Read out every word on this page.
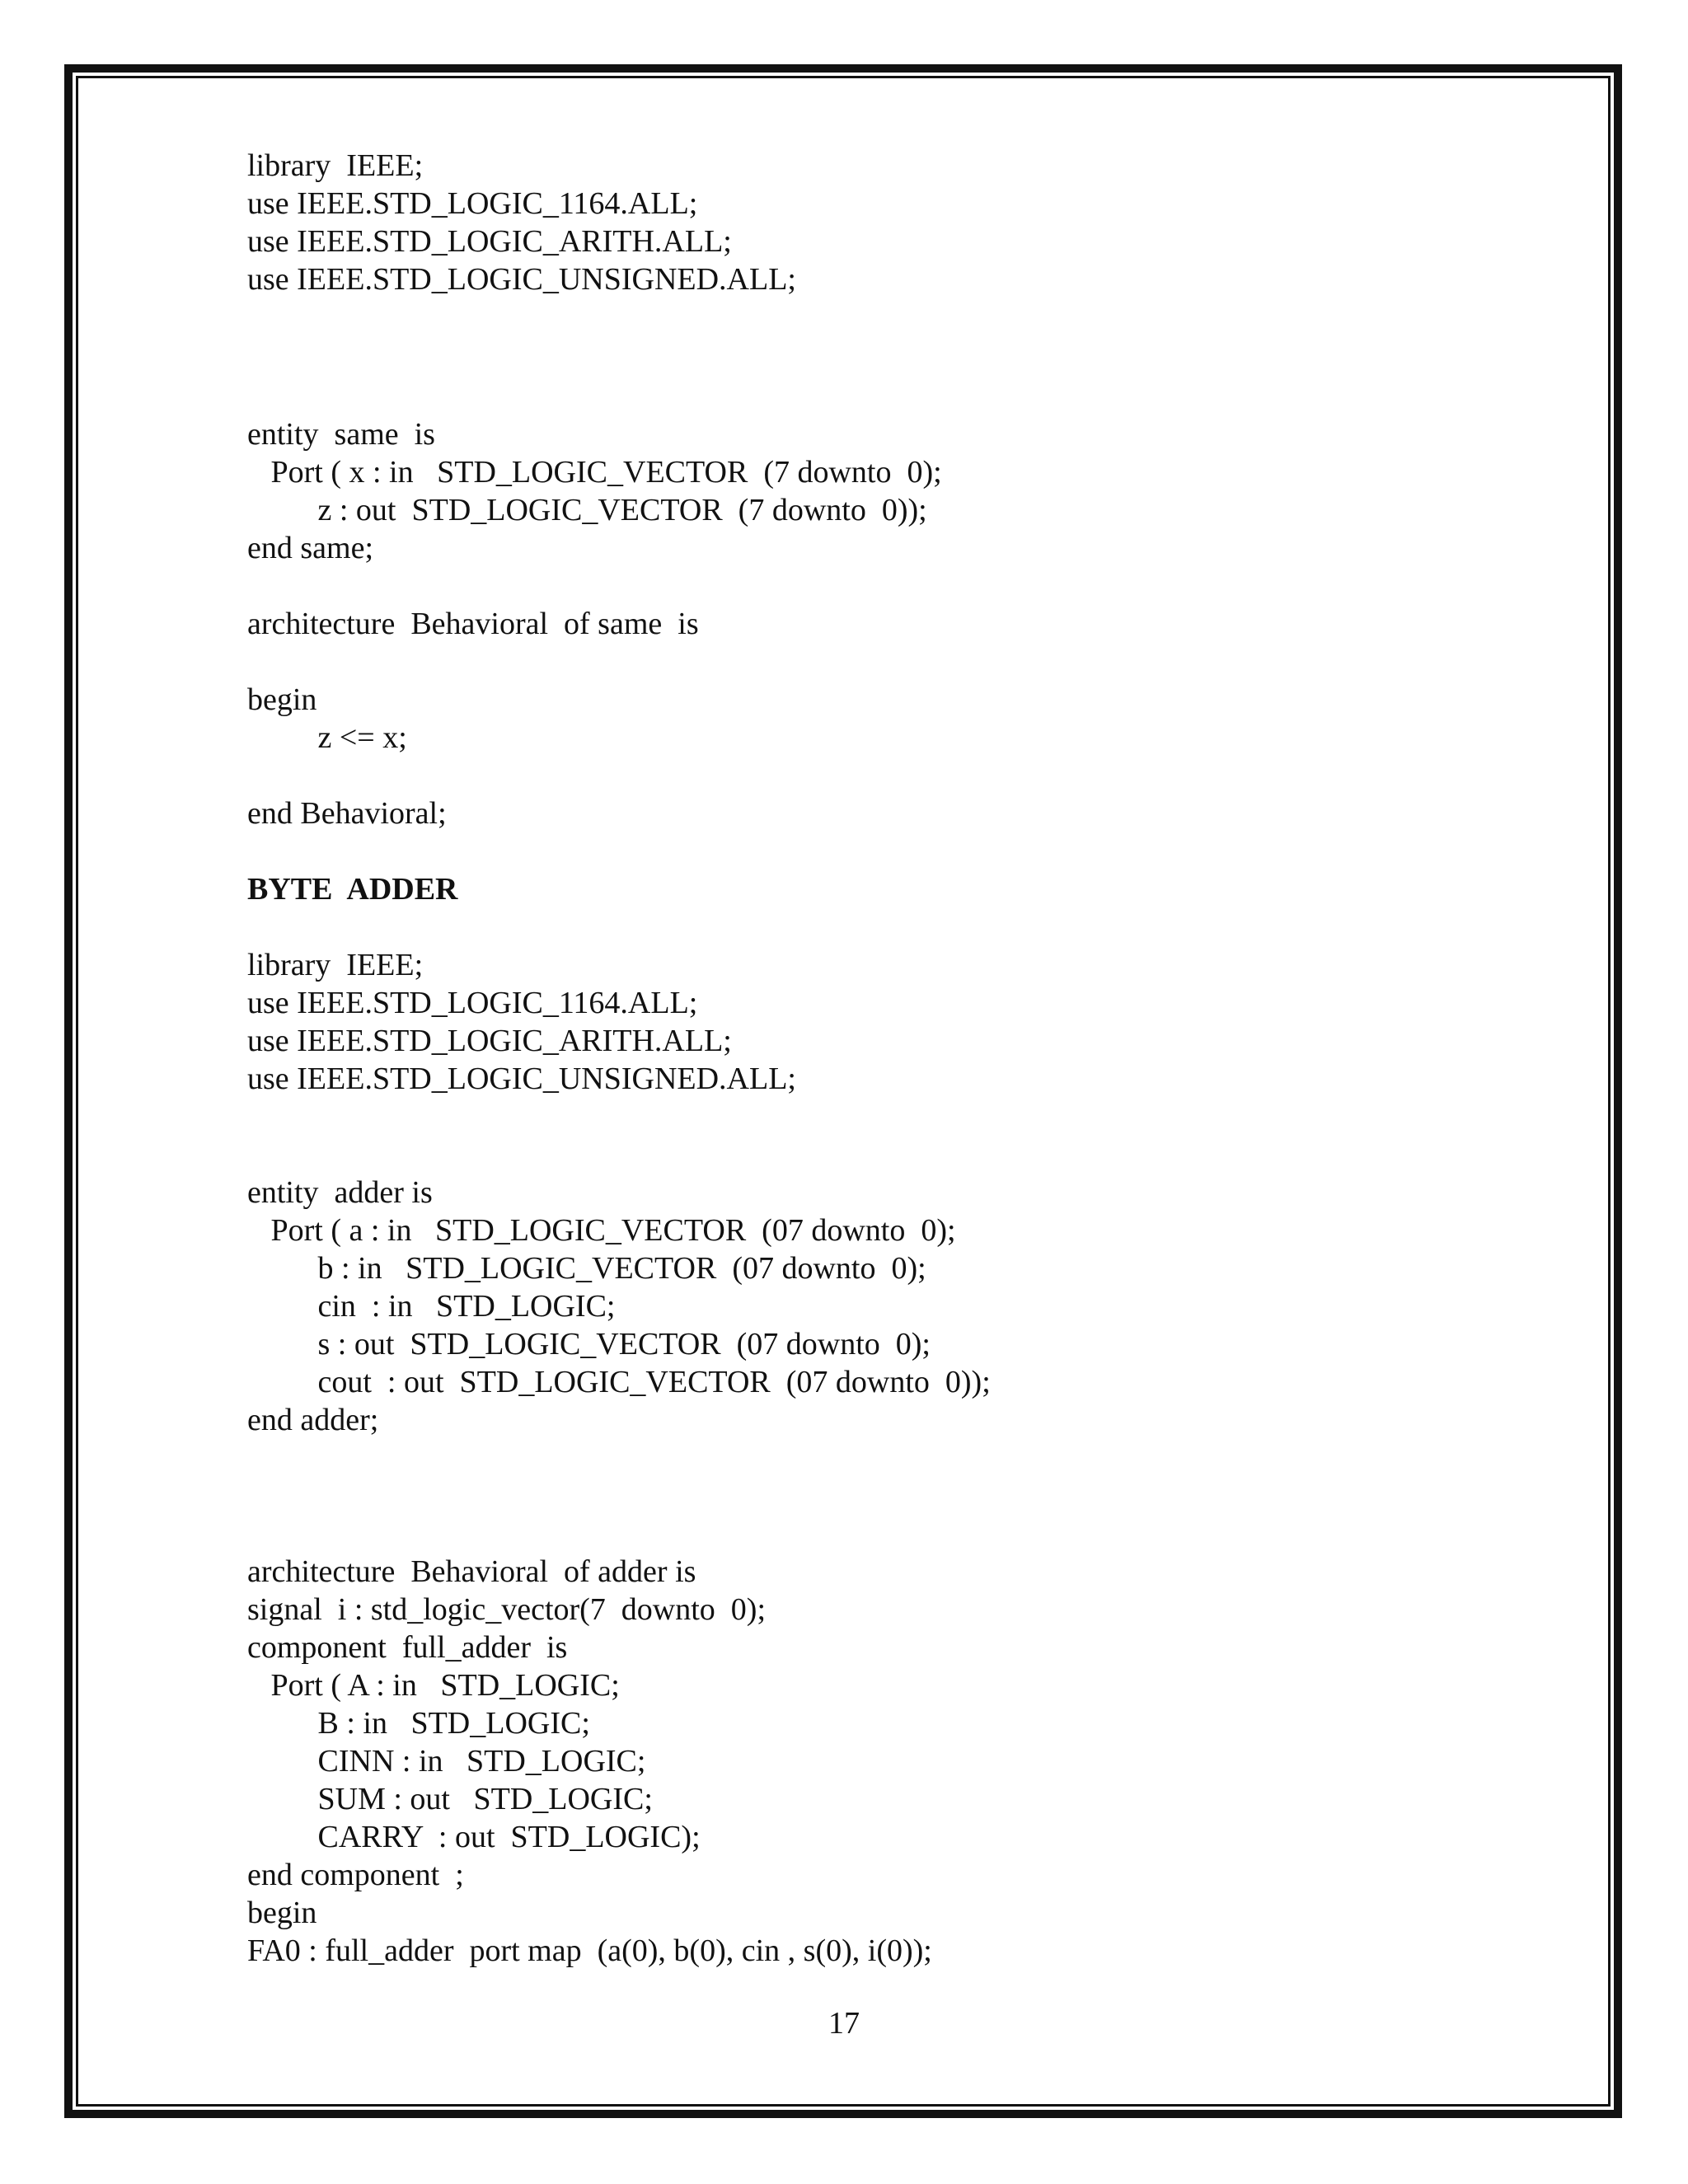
library  IEEE;
use IEEE.STD_LOGIC_1164.ALL;
use IEEE.STD_LOGIC_ARITH.ALL;
use IEEE.STD_LOGIC_UNSIGNED.ALL;
entity  same  is
Port ( x : in   STD_LOGIC_VECTOR  (7 downto  0);
z : out  STD_LOGIC_VECTOR  (7 downto  0));
end same;
architecture  Behavioral  of same  is
begin
z <= x;
end Behavioral;
BYTE  ADDER
library  IEEE;
use IEEE.STD_LOGIC_1164.ALL;
use IEEE.STD_LOGIC_ARITH.ALL;
use IEEE.STD_LOGIC_UNSIGNED.ALL;
entity  adder is
Port ( a : in   STD_LOGIC_VECTOR  (07 downto  0);
b : in   STD_LOGIC_VECTOR  (07 downto  0);
cin  : in   STD_LOGIC;
s : out  STD_LOGIC_VECTOR  (07 downto  0);
cout  : out  STD_LOGIC_VECTOR  (07 downto  0));
end adder;
architecture  Behavioral  of adder is
signal  i : std_logic_vector(7  downto  0);
component  full_adder  is
Port ( A : in   STD_LOGIC;
B : in   STD_LOGIC;
CINN : in   STD_LOGIC;
SUM : out   STD_LOGIC;
CARRY  : out  STD_LOGIC);
end component  ;
begin
FA0 : full_adder  port map  (a(0), b(0), cin , s(0), i(0));
17
